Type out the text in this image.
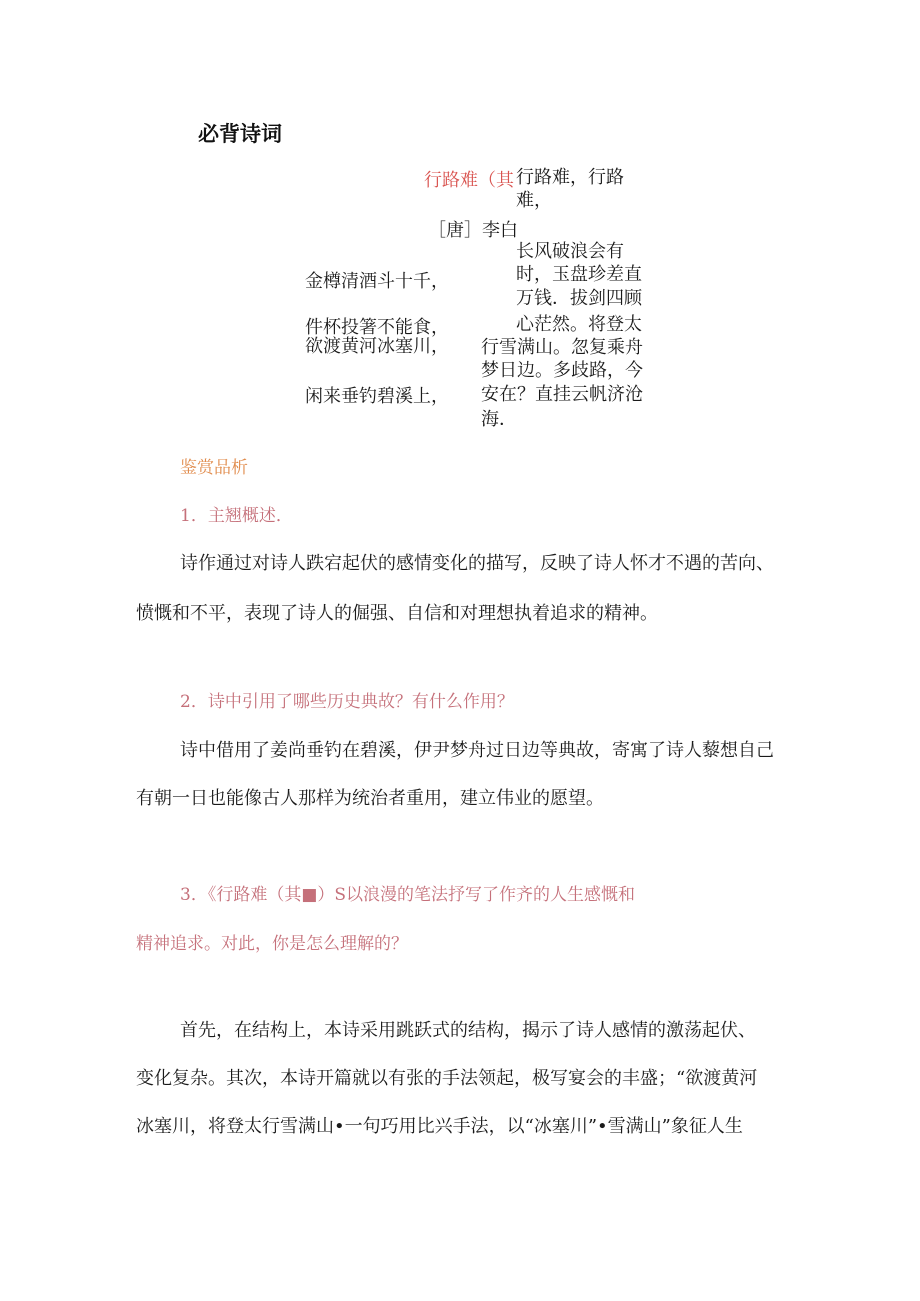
必背诗词
行路难（其
［唐］李白
金樽清酒斗十千，
件杯投箸不能食，
欲渡黄河冰塞川，
闲来垂钓碧溪上，
行路难，行路
难，
长风破浪会有
时，玉盘珍差直
万钱．拔剑四顾
心茫然。将登太
行雪满山。忽复乘舟
梦日边。多歧路，今
安在？直挂云帆济沧
海．
鉴赏品析
1．主翘概述．
诗作通过对诗人跌宕起伏的感情变化的描写，反映了诗人怀才不遇的苦向、
愤慨和不平，表现了诗人的倔强、自信和对理想执着追求的精神。
2．诗中引用了哪些历史典故？有什么作用？
诗中借用了姜尚垂钓在碧溪，伊尹梦舟过日边等典故，寄寓了诗人藜想自己
有朝一日也能像古人那样为统治者重用，建立伟业的愿望。
3．《行路难（其■）S以浪漫的笔法抒写了作齐的人生感慨和
精神追求。对此，你是怎么理解的？
首先，在结构上，本诗采用跳跃式的结构，揭示了诗人感情的激荡起伏、
变化复杂。其次，本诗开篇就以有张的手法领起，极写宴会的丰盛；“欲渡黄河
冰塞川，将登太行雪满山•一句巧用比兴手法，以“冰塞川”•雪满山”象征人生
